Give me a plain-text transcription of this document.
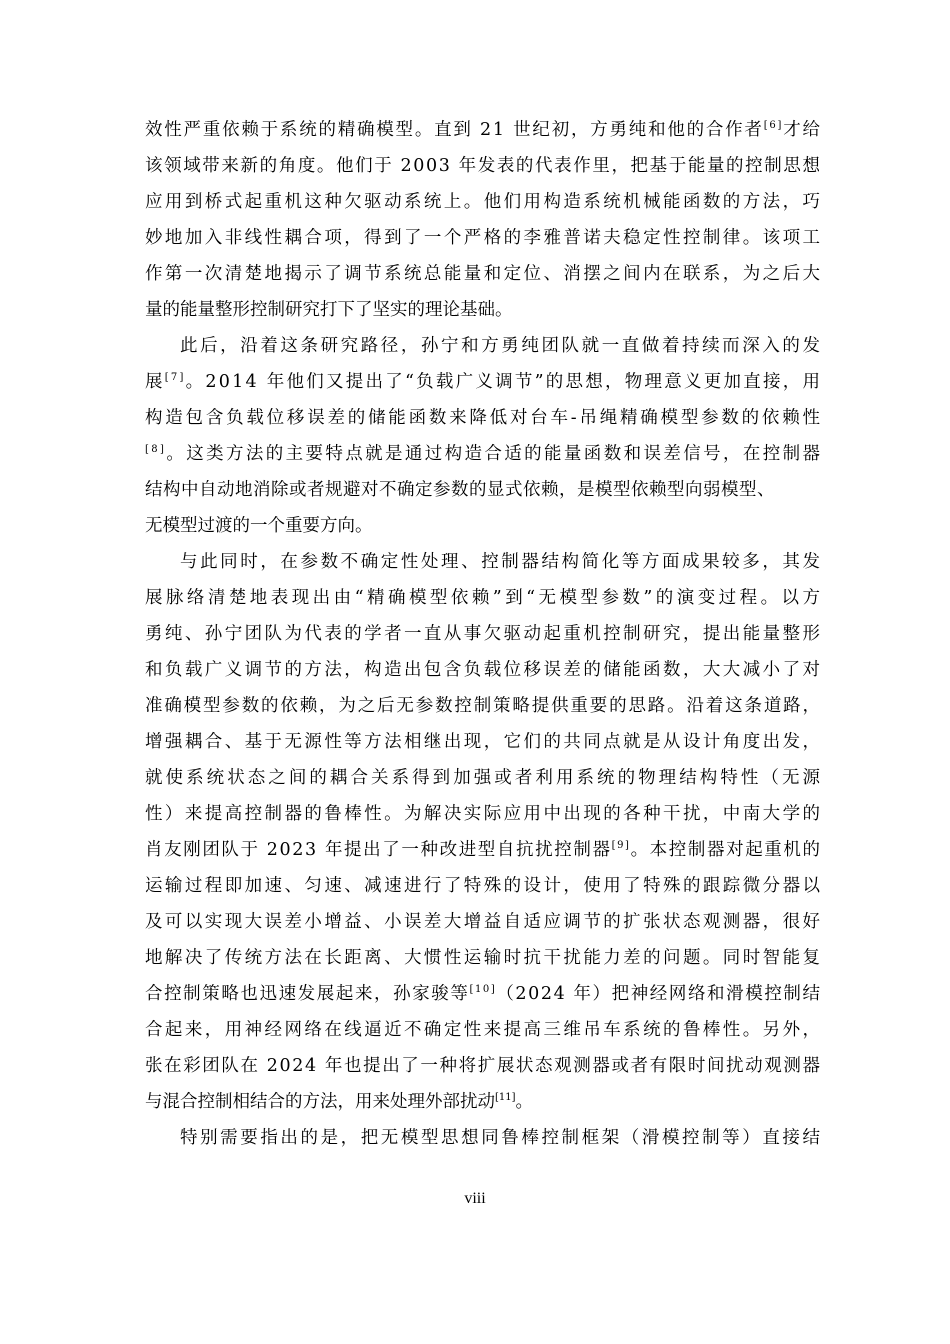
效性严重依赖于系统的精确模型。直到 21 世纪初，方勇纯和他的合作者[6]才给
该领域带来新的角度。他们于 2003 年发表的代表作里，把基于能量的控制思想
应用到桥式起重机这种欠驱动系统上。他们用构造系统机械能函数的方法，巧
妙地加入非线性耦合项，得到了一个严格的李雅普诺夫稳定性控制律。该项工
作第一次清楚地揭示了调节系统总能量和定位、消摆之间内在联系，为之后大
量的能量整形控制研究打下了坚实的理论基础。
此后，沿着这条研究路径，孙宁和方勇纯团队就一直做着持续而深入的发
展[7]。2014 年他们又提出了“负载广义调节”的思想，物理意义更加直接，用
构造包含负载位移误差的储能函数来降低对台车-吊绳精确模型参数的依赖性
[8]。这类方法的主要特点就是通过构造合适的能量函数和误差信号，在控制器
结构中自动地消除或者规避对不确定参数的显式依赖，是模型依赖型向弱模型、
无模型过渡的一个重要方向。
与此同时，在参数不确定性处理、控制器结构简化等方面成果较多，其发
展脉络清楚地表现出由“精确模型依赖”到“无模型参数”的演变过程。以方
勇纯、孙宁团队为代表的学者一直从事欠驱动起重机控制研究，提出能量整形
和负载广义调节的方法，构造出包含负载位移误差的储能函数，大大减小了对
准确模型参数的依赖，为之后无参数控制策略提供重要的思路。沿着这条道路，
增强耦合、基于无源性等方法相继出现，它们的共同点就是从设计角度出发，
就使系统状态之间的耦合关系得到加强或者利用系统的物理结构特性（无源
性）来提高控制器的鲁棒性。为解决实际应用中出现的各种干扰，中南大学的
肖友刚团队于 2023 年提出了一种改进型自抗扰控制器[9]。本控制器对起重机的
运输过程即加速、匀速、减速进行了特殊的设计，使用了特殊的跟踪微分器以
及可以实现大误差小增益、小误差大增益自适应调节的扩张状态观测器，很好
地解决了传统方法在长距离、大惯性运输时抗干扰能力差的问题。同时智能复
合控制策略也迅速发展起来，孙家骏等[10]（2024 年）把神经网络和滑模控制结
合起来，用神经网络在线逼近不确定性来提高三维吊车系统的鲁棒性。另外，
张在彩团队在 2024 年也提出了一种将扩展状态观测器或者有限时间扰动观测器
与混合控制相结合的方法，用来处理外部扰动[11]。
特别需要指出的是，把无模型思想同鲁棒控制框架（滑模控制等）直接结
viii
